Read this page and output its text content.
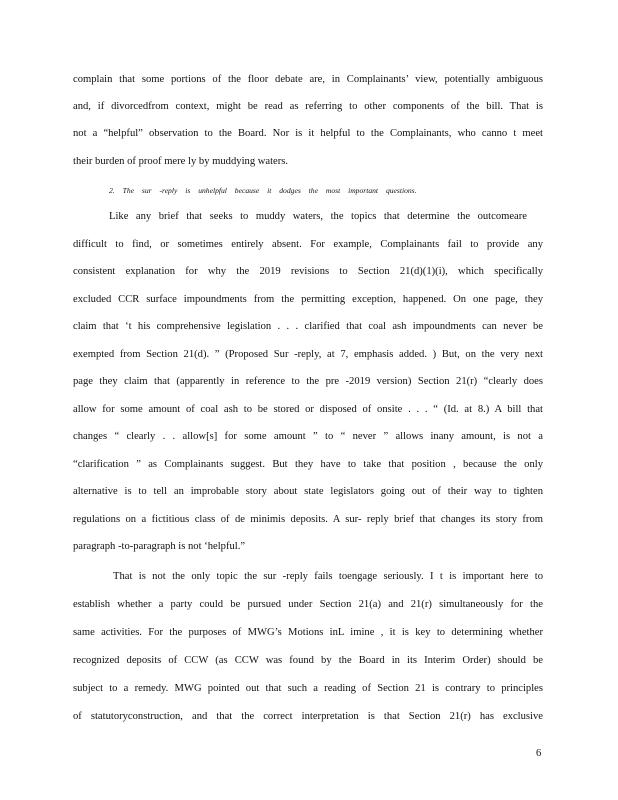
complain that some portions of the floor debate are, in Complainants’ view, potentially ambiguous
and, if divorcedfrom context, might be read as referring to other components of the bill. That is
not a “helpful” observation to the Board. Nor is it helpful to the Complainants, who canno t meet
their burden of proof mere ly by muddying waters.
2. The sur -reply is unhelpful because it dodges the most important questions.
Like any brief that seeks to muddy waters, the topics that determine the outcomeare
difficult to find, or sometimes entirely absent. For example, Complainants fail to provide any
consistent explanation for why the 2019 revisions to Section 21(d)(1)(i), which specifically
excluded CCR surface impoundments from the permitting exception, happened. On one page, they
claim that ‘t his comprehensive legislation . . . clarified that coal ash impoundments can never be
exempted from Section 21(d). ” (Proposed Sur -reply, at 7, emphasis added. ) But, on the very next
page they claim that (apparently in reference to the pre -2019 version) Section 21(r) “clearly does
allow for some amount of coal ash to be stored or disposed of onsite . . . “ (Id. at 8.) A bill that
changes “ clearly . . allow[s] for some amount ” to “ never ” allows inany amount, is not a
“clarification ” as Complainants suggest. But they have to take that position , because the only
alternative is to tell an improbable story about state legislators going out of their way to tighten
regulations on a fictitious class of de minimis deposits. A sur- reply brief that changes its story from
paragraph -to-paragraph is not ‘helpful.”
That is not the only topic the sur -reply fails toengage seriously. I t is important here to
establish whether a party could be pursued under Section 21(a) and 21(r) simultaneously for the
same activities. For the purposes of MWG’s Motions inL imine , it is key to determining whether
recognized deposits of CCW (as CCW was found by the Board in its Interim Order) should be
subject to a remedy. MWG pointed out that such a reading of Section 21 is contrary to principles
of statutoryconstruction, and that the correct interpretation is that Section 21(r) has exclusive
6
